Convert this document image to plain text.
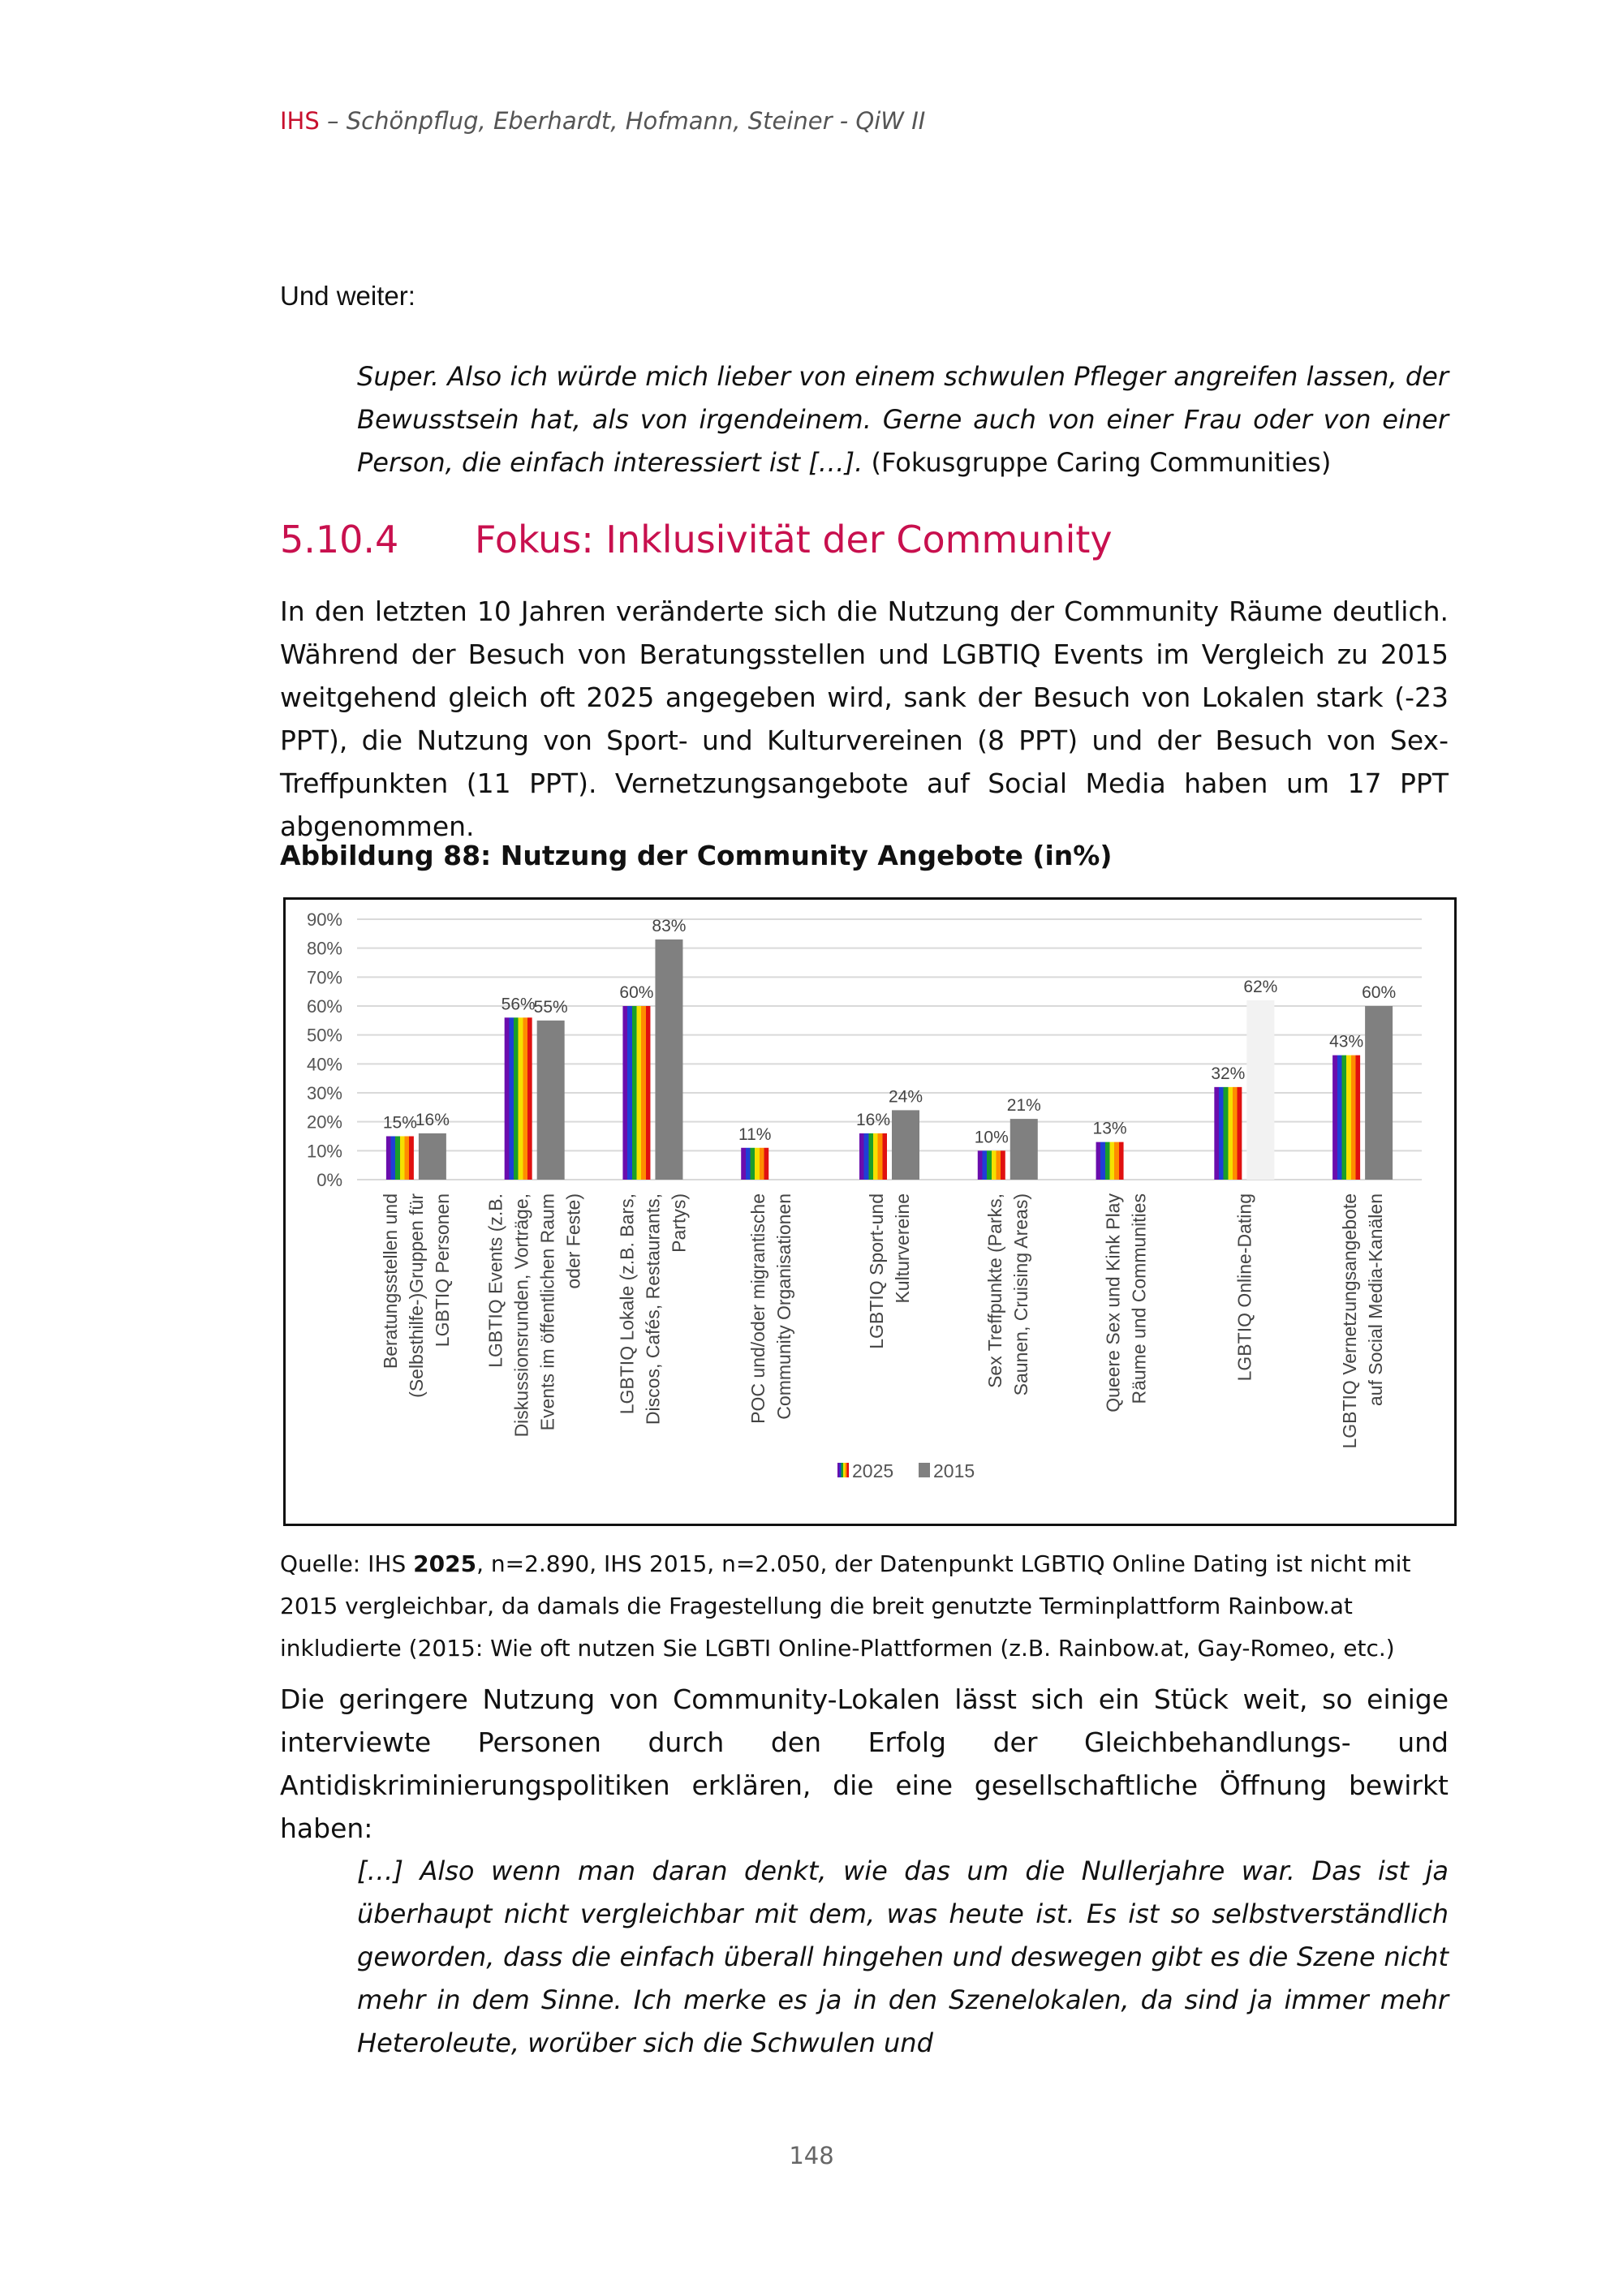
IHS – Schönpflug, Eberhardt, Hofmann, Steiner - QiW II
Und weiter:
Super. Also ich würde mich lieber von einem schwulen Pfleger angreifen lassen, der Bewusstsein hat, als von irgendeinem. Gerne auch von einer Frau oder von einer Person, die einfach interessiert ist […]. (Fokusgruppe Caring Communities)
5.10.4 Fokus: Inklusivität der Community
In den letzten 10 Jahren veränderte sich die Nutzung der Community Räume deutlich. Während der Besuch von Beratungsstellen und LGBTIQ Events im Vergleich zu 2015 weitgehend gleich oft 2025 angegeben wird, sank der Besuch von Lokalen stark (-23 PPT), die Nutzung von Sport- und Kulturvereinen (8 PPT) und der Besuch von Sex-Treffpunkten (11 PPT). Vernetzungsangebote auf Social Media haben um 17 PPT abgenommen.
Abbildung 88: Nutzung der Community Angebote (in%)
0%
10%
20%
30%
40%
50%
60%
70%
80%
90%
15%
16%
Beratungsstellen und (Selbsthilfe-)Gruppen für LGBTIQ Personen
56%
55%
LGBTIQ Events (z.B. Diskussionsrunden, Vorträge, Events im öffentlichen Raum oder Feste)
60%
83%
LGBTIQ Lokale (z.B. Bars, Discos, Cafés, Restaurants, Partys)
11%
POC und/oder migrantische Community Organisationen
16%
24%
LGBTIQ Sport-und Kulturvereine
10%
21%
Sex Treffpunkte (Parks, Saunen, Cruising Areas)
13%
Queere Sex und Kink Play Räume und Communities
32%
62%
LGBTIQ Online-Dating
43%
60%
LGBTIQ Vernetzungsangebote auf Social Media-Kanälen
2025 2015
Quelle: IHS 2025, n=2.890, IHS 2015, n=2.050, der Datenpunkt LGBTIQ Online Dating ist nicht mit 2015 vergleichbar, da damals die Fragestellung die breit genutzte Terminplattform Rainbow.at inkludierte (2015: Wie oft nutzen Sie LGBTI Online-Plattformen (z.B. Rainbow.at, Gay-Romeo, etc.)
Die geringere Nutzung von Community-Lokalen lässt sich ein Stück weit, so einige interviewte Personen durch den Erfolg der Gleichbehandlungs- und Antidiskriminierungspolitiken erklären, die eine gesellschaftliche Öffnung bewirkt haben:
[…] Also wenn man daran denkt, wie das um die Nullerjahre war. Das ist ja überhaupt nicht vergleichbar mit dem, was heute ist. Es ist so selbstverständlich geworden, dass die einfach überall hingehen und deswegen gibt es die Szene nicht mehr in dem Sinne. Ich merke es ja in den Szenelokalen, da sind ja immer mehr Heteroleute, worüber sich die Schwulen und
148
